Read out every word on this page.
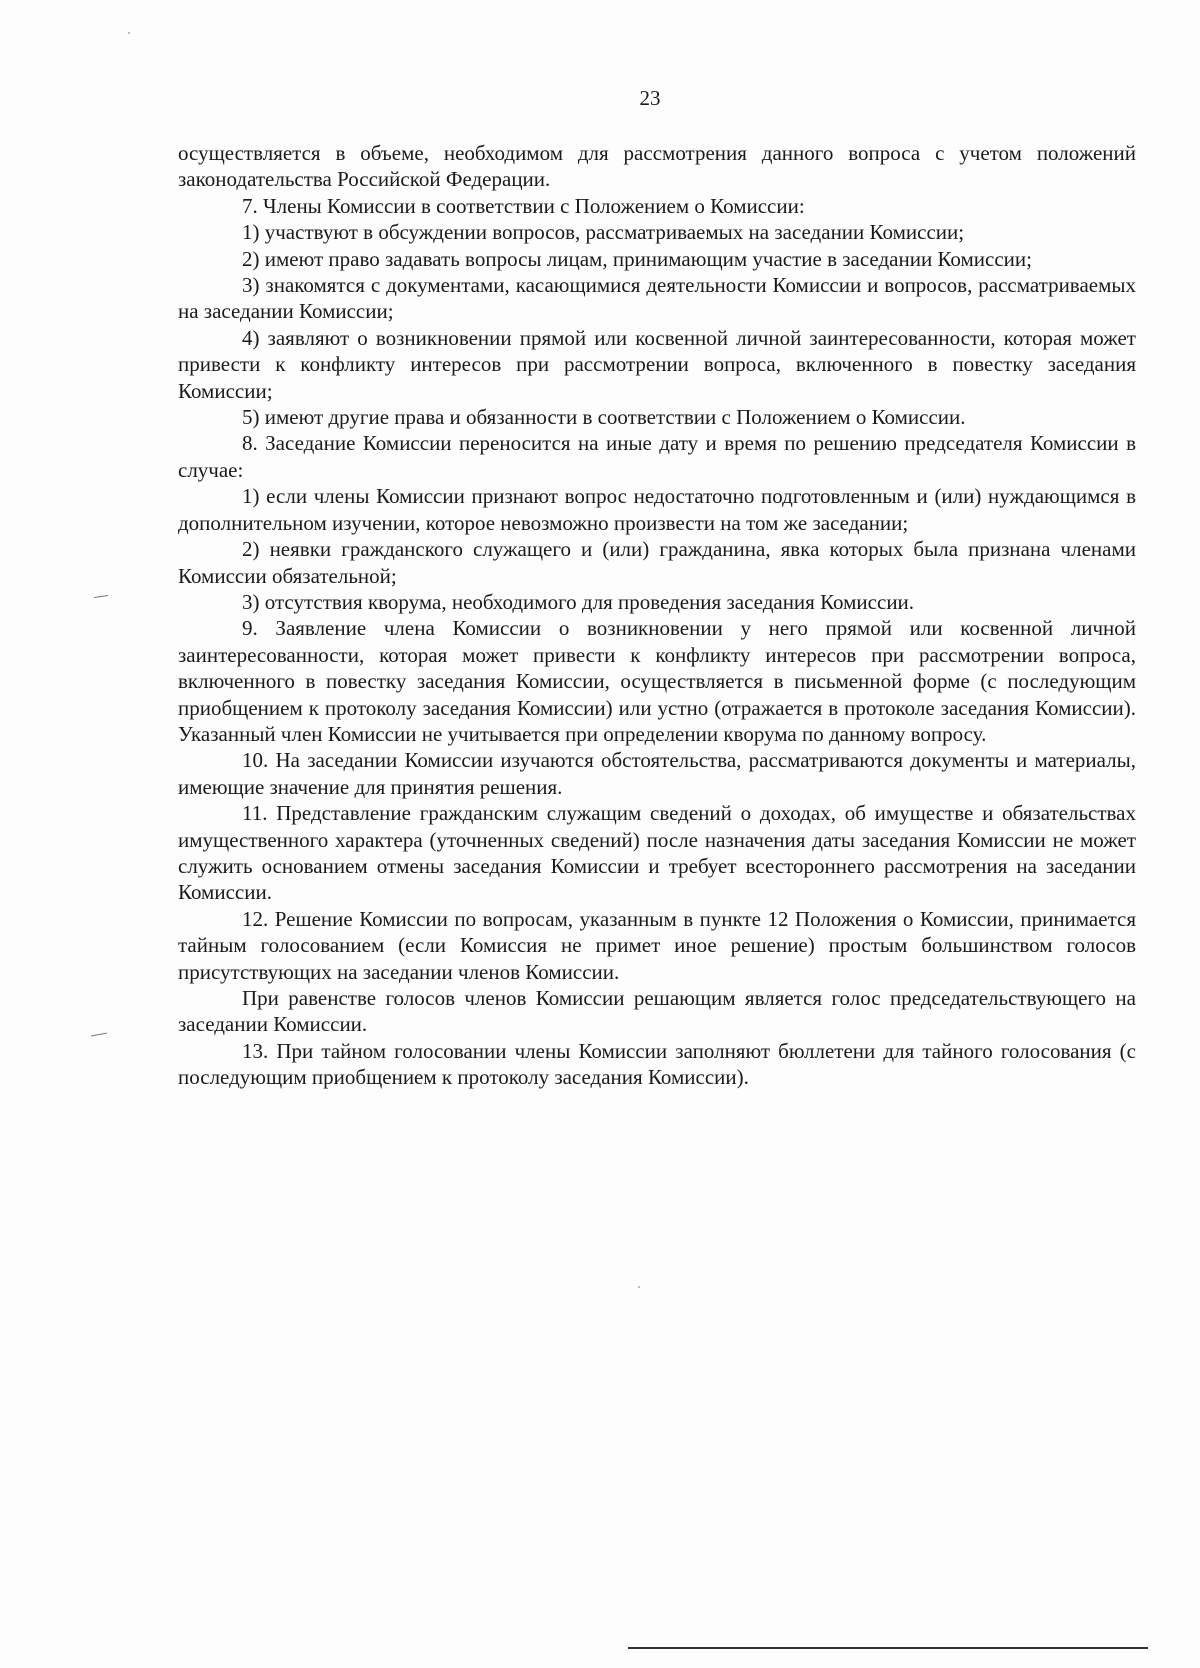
23

осуществляется в объеме, необходимом для рассмотрения данного вопроса с учетом положений законодательства Российской Федерации.

7. Члены Комиссии в соответствии с Положением о Комиссии:

1) участвуют в обсуждении вопросов, рассматриваемых на заседании Комиссии;

2) имеют право задавать вопросы лицам, принимающим участие в заседании Комиссии;

3) знакомятся с документами, касающимися деятельности Комиссии и вопросов, рассматриваемых на заседании Комиссии;

4) заявляют о возникновении прямой или косвенной личной заинтересованности, которая может привести к конфликту интересов при рассмотрении вопроса, включенного в повестку заседания Комиссии;

5) имеют другие права и обязанности в соответствии с Положением о Комиссии.

8. Заседание Комиссии переносится на иные дату и время по решению председателя Комиссии в случае:

1) если члены Комиссии признают вопрос недостаточно подготовленным и (или) нуждающимся в дополнительном изучении, которое невозможно произвести на том же заседании;

2) неявки гражданского служащего и (или) гражданина, явка которых была признана членами Комиссии обязательной;

3) отсутствия кворума, необходимого для проведения заседания Комиссии.

9. Заявление члена Комиссии о возникновении у него прямой или косвенной личной заинтересованности, которая может привести к конфликту интересов при рассмотрении вопроса, включенного в повестку заседания Комиссии, осуществляется в письменной форме (с последующим приобщением к протоколу заседания Комиссии) или устно (отражается в протоколе заседания Комиссии). Указанный член Комиссии не учитывается при определении кворума по данному вопросу.

10. На заседании Комиссии изучаются обстоятельства, рассматриваются документы и материалы, имеющие значение для принятия решения.

11. Представление гражданским служащим сведений о доходах, об имуществе и обязательствах имущественного характера (уточненных сведений) после назначения даты заседания Комиссии не может служить основанием отмены заседания Комиссии и требует всестороннего рассмотрения на заседании Комиссии.

12. Решение Комиссии по вопросам, указанным в пункте 12 Положения о Комиссии, принимается тайным голосованием (если Комиссия не примет иное решение) простым большинством голосов присутствующих на заседании членов Комиссии.

При равенстве голосов членов Комиссии решающим является голос председательствующего на заседании Комиссии.

13. При тайном голосовании члены Комиссии заполняют бюллетени для тайного голосования (с последующим приобщением к протоколу заседания Комиссии).
